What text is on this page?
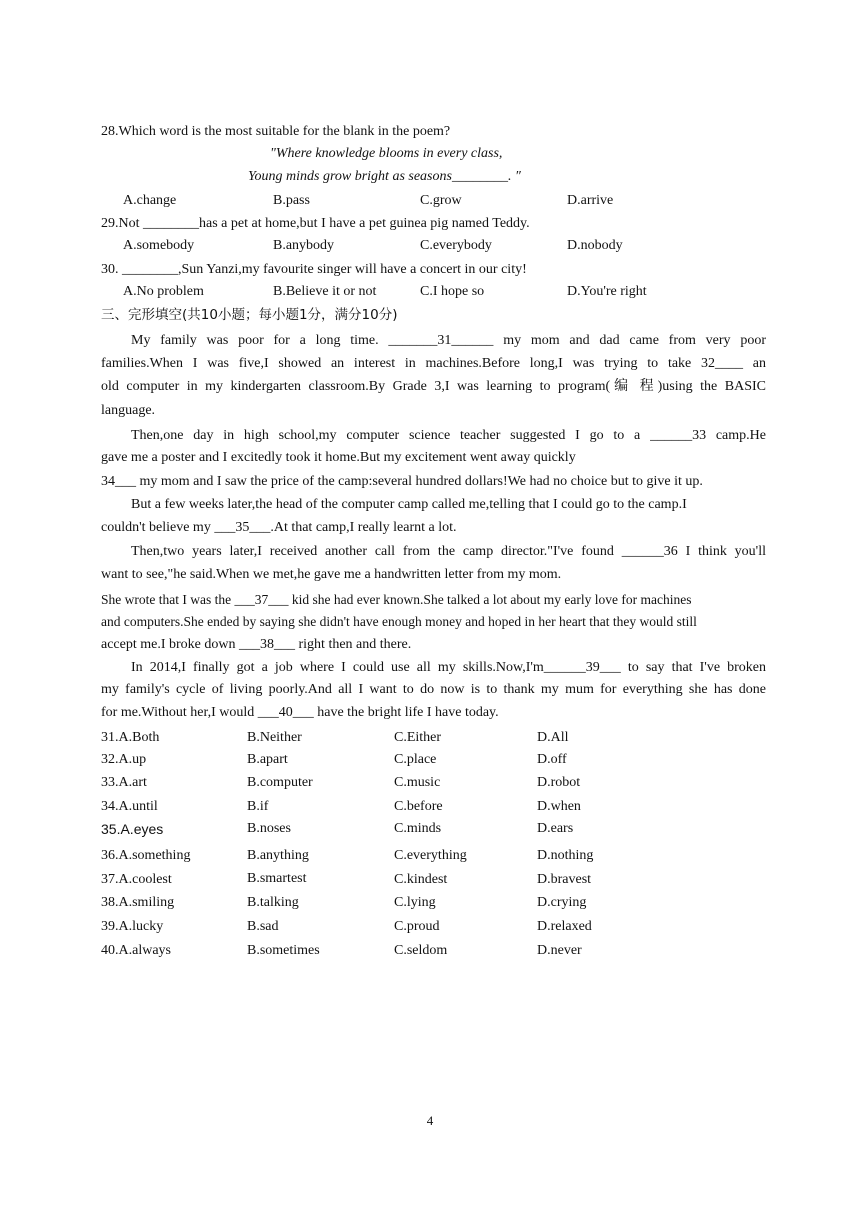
28.Which word is the most suitable for the blank in the poem?
"Where knowledge blooms in every class,
Young minds grow bright as seasons________. ″
A.change	B.pass	C.grow	D.arrive
29.Not ________has a pet at home,but I have a pet guinea pig named Teddy.
A.somebody	B.anybody	C.everybody	D.nobody
30. ________,Sun Yanzi,my favourite singer will have a concert in our city!
A.No problem	B.Believe it or not	C.I hope so	D.You're right
三、完形填空(共10小题；每小题1分，满分10分)
My family was poor for a long time. _______31______ my mom and dad came from very poor
families.When I was five,I showed an interest in machines.Before long,I was trying to take 32____ an
old computer in my kindergarten classroom.By Grade 3,I was learning to program(编 程)using the BASIC
language.
Then,one day in high school,my computer science teacher suggested I go to a ______33 camp.He
gave me a poster and I excitedly took it home.But my excitement went away quickly
34___ my mom and I saw the price of the camp:several hundred dollars!We had no choice but to give it up.
But a few weeks later,the head of the computer camp called me,telling that I could go to the camp.I
couldn't believe my ___35___.At that camp,I really learnt a lot.
Then,two years later,I received another call from the camp director."I've found ______36 I think you'll
want to see,"he said.When we met,he gave me a handwritten letter from my mom.
She wrote that I was the ___37___ kid she had ever known.She talked a lot about my early love for machines
and computers.She ended by saying she didn't have enough money and hoped in her heart that they would still
accept me.I broke down ___38___ right then and there.
In 2014,I finally got a job where I could use all my skills.Now,I'm______39___ to say that I've broken
my family's cycle of living poorly.And all I want to do now is to thank my mum for everything she has done
for me.Without her,I would ___40___ have the bright life I have today.
31.A.Both	B.Neither	C.Either	D.All
32.A.up	B.apart	C.place	D.off
33.A.art	B.computer	C.music	D.robot
34.A.until	B.if	C.before	D.when
35.A.eyes	B.noses	C.minds	D.ears
36.A.something	B.anything	C.everything	D.nothing
37.A.coolest	B.smartest	C.kindest	D.bravest
38.A.smiling	B.talking	C.lying	D.crying
39.A.lucky	B.sad	C.proud	D.relaxed
40.A.always	B.sometimes	C.seldom	D.never
4
